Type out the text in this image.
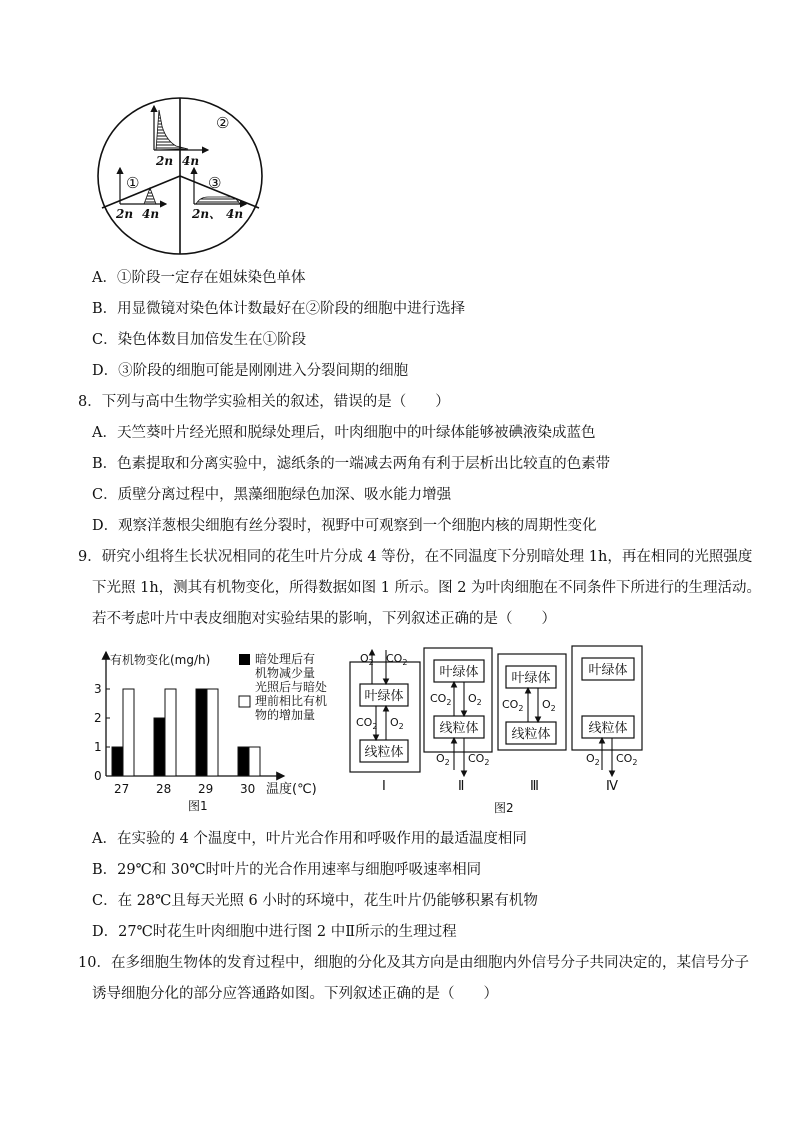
②
2n 4n
①
2n 4n
③
2n、 4n
A．①阶段一定存在姐妹染色单体
B．用显微镜对染色体计数最好在②阶段的细胞中进行选择
C．染色体数目加倍发生在①阶段
D．③阶段的细胞可能是刚刚进入分裂间期的细胞
8．下列与高中生物学实验相关的叙述，错误的是（　　）
A．天竺葵叶片经光照和脱绿处理后，叶肉细胞中的叶绿体能够被碘液染成蓝色
B．色素提取和分离实验中，滤纸条的一端减去两角有利于层析出比较直的色素带
C．质壁分离过程中，黑藻细胞绿色加深、吸水能力增强
D．观察洋葱根尖细胞有丝分裂时，视野中可观察到一个细胞内核的周期性变化
9．研究小组将生长状况相同的花生叶片分成 4 等份，在不同温度下分别暗处理 1h，再在相同的光照强度
下光照 1h，测其有机物变化，所得数据如图 1 所示。图 2 为叶肉细胞在不同条件下所进行的生理活动。
若不考虑叶片中表皮细胞对实验结果的影响，下列叙述正确的是（　　）
有机物变化(mg/h)
0
1
2
3
27 28 29 30 温度(℃)
图1
暗处理后有
机物减少量
光照后与暗处
理前相比有机
物的增加量
叶绿体
线粒体
$O_2$ $CO_2$
$CO_2$ $O_2$
叶绿体
线粒体
$CO_2$ $O_2$
$O_2$ $CO_2$
叶绿体
线粒体
$CO_2$ $O_2$
叶绿体
线粒体
$O_2$ $CO_2$
Ⅰ	Ⅱ	Ⅲ	Ⅳ
图2
A．在实验的 4 个温度中，叶片光合作用和呼吸作用的最适温度相同
B．29℃和 30℃时叶片的光合作用速率与细胞呼吸速率相同
C．在 28℃且每天光照 6 小时的环境中，花生叶片仍能够积累有机物
D．27℃时花生叶肉细胞中进行图 2 中Ⅱ所示的生理过程
10．在多细胞生物体的发育过程中，细胞的分化及其方向是由细胞内外信号分子共同决定的，某信号分子
诱导细胞分化的部分应答通路如图。下列叙述正确的是（　　）
